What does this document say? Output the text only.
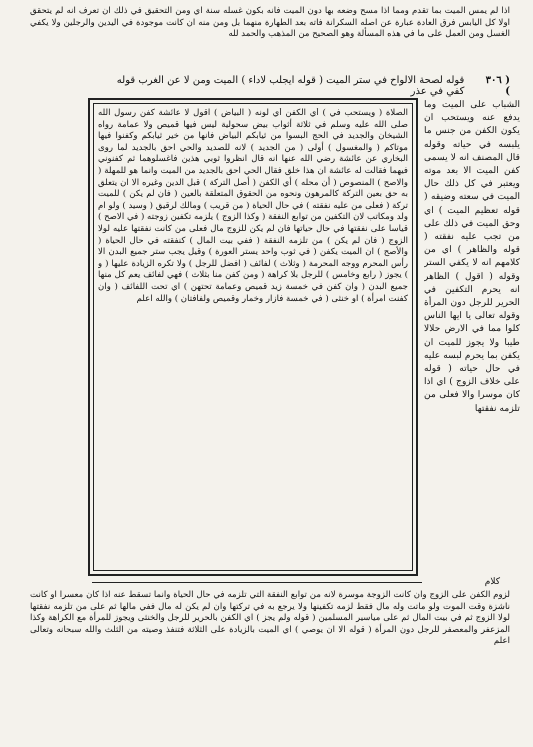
اذا لم يمس الميت بما تقدم ومما اذا مسح وضعه بها دون الميت فانه بكون غسله سنة اي ومن التحقيق في ذلك ان تعرف انه لم يتحقق اولا كل اليابس فرق العادة عبارة عن اصله السكرانة فاته بعد الطهارة منهما بل ومن منه ان كانت موجودة في اليدين والرجلين ولا يكفي الغسل ومن العمل على ما في هذه المسألة وهو الصحيح من المذهب والحمد لله
( ٣٠٦ )
قوله لصحة الالواح في ستر الميت ( قوله ايجلب لاداء ) الميت ومن لا عن الغرب قوله كفي في عذر
الصلاة ( ويستحب في ) أي الكفن أي لونه ( البياض ) اقول لا عائشة كفن رسول الله صلى الله عليه وسلم في ثلاثة أثواب بيض سحولية ليس فيها قميص ولا عمامة رواه الشيخان والجديد في الحج البسوا من ثيابكم البياض فانها من خير ثيابكم وكفنوا فيها موتاكم ( والمغسول ) أولى ( من الجديد ) لانه للصديد والحي احق بالجديد لما روى البخاري عن عائشة رضي الله عنها انه قال انظروا ثوبي هذين فاغسلوهما ثم كفنوني فيهما فقالت له عائشة ان هذا خلق فقال الحي احق بالجديد من الميت وانما هو للمهلة ( والاصح ) المنصوص ( أن محله ) أي الكفن ( أصل التركة ) قبل الدين وغيره الا ان يتعلق به حق بعين التركة كالمرهون ونحوه من الحقوق المتعلقة بالعين ( فان لم يكن ) للميت تركة ( فعلى من عليه نفقته ) في حال الحياة ( من قريب ) ومالك لرقيق ( وسيد ) ولو ام ولد ومكاتب لان التكفين من توابع النفقة ( وكذا الزوج ) يلزمه تكفين زوجته ( في الاصح ) قياسا على نفقتها في حال حياتها فان لم يكن للزوج مال فعلى من كانت نفقتها عليه لولا الزوج ( فان لم يكن ) من تلزمه النفقة ( ففي بيت المال ) كنفقته في حال الحياة ( والأصح ) ان الميت يكفن ( في ثوب واحد يستر العورة ) وقيل يجب ستر جميع البدن الا رأس المحرم ووجه المحرمة ( وثلاث ) لفائف ( افضل للرجل ) ولا تكره الزيادة عليها ( و ) يجوز ( رابع وخامس ) للرجل بلا كراهة ( ومن كفن منا بثلاث ) فهي لفائف يعم كل منها جميع البدن ( وان كفن في خمسة زيد قميص وعمامة تحتهن ) اي تحت اللفائف ( وان كفنت امرأة ) او خنثى ( في خمسة فازار وخمار وقميص ولفافتان ) والله اعلم
الشباب على الميت وما يدفع عنه ويستحب ان يكون الكفن من جنس ما يلبسه في حياته وقوله قال المصنف انه لا يسمى كفن الميت الا بعد موته ويعتبر في كل ذلك حال الميت في سعته وضيقه ( قوله تعظيم الميت ) اي وحق الميت في ذلك على من تجب عليه نفقته ( قوله والظاهر ) اي من كلامهم انه لا يكفي الستر وقوله ( اقول ) الظاهر انه يحرم التكفين في الحرير للرجل دون المرأة وقوله تعالى يا ايها الناس كلوا مما في الارض حلالا طيبا ولا يجوز للميت ان يكفن بما يحرم لبسه عليه في حال حياته ( قوله على خلاف الزوج ) اي اذا كان موسرا والا فعلى من تلزمه نفقتها
كلام
لزوم الكفن على الزوج وان كانت الزوجة موسرة لانه من توابع النفقة التي تلزمه في حال الحياة وانما تسقط عنه اذا كان معسرا او كانت ناشزة وقت الموت ولو ماتت وله مال فقط لزمه تكفينها ولا يرجع به في تركتها وان لم يكن له مال ففي مالها ثم على من تلزمه نفقتها لولا الزوج ثم في بيت المال ثم على مياسير المسلمين ( قوله ولم يجز ) اي الكفن بالحرير للرجل والخنثى ويجوز للمرأة مع الكراهة وكذا المزعفر والمعصفر للرجل دون المرأة ( قوله الا ان يوصي ) اي الميت بالزيادة على الثلاثة فتنفذ وصيته من الثلث والله سبحانه وتعالى اعلم
